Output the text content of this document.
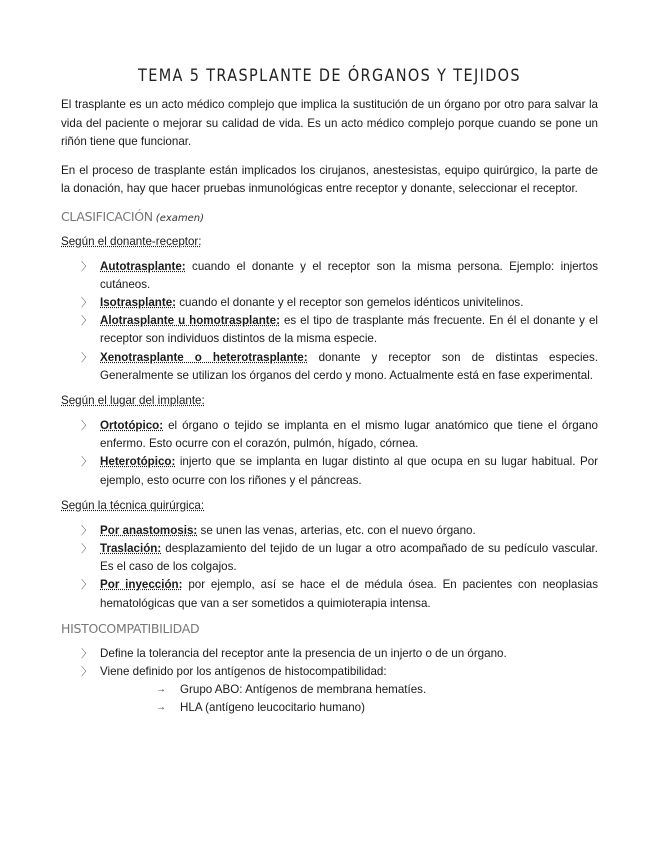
TEMA 5 TRASPLANTE DE ÓRGANOS Y TEJIDOS

El trasplante es un acto médico complejo que implica la sustitución de un órgano por otro para salvar la vida del paciente o mejorar su calidad de vida. Es un acto médico complejo porque cuando se pone un riñón tiene que funcionar.

En el proceso de trasplante están implicados los cirujanos, anestesistas, equipo quirúrgico, la parte de la donación, hay que hacer pruebas inmunológicas entre receptor y donante, seleccionar el receptor.

CLASIFICACIÓN (examen)
Según el donante-receptor:
〉 Autotrasplante: cuando el donante y el receptor son la misma persona. Ejemplo: injertos cutáneos.
〉 Isotrasplante: cuando el donante y el receptor son gemelos idénticos univitelinos.
〉 Alotrasplante u homotrasplante: es el tipo de trasplante más frecuente. En él el donante y el receptor son individuos distintos de la misma especie.
〉 Xenotrasplante o heterotrasplante: donante y receptor son de distintas especies. Generalmente se utilizan los órganos del cerdo y mono. Actualmente está en fase experimental.
Según el lugar del implante:
〉 Ortotópico: el órgano o tejido se implanta en el mismo lugar anatómico que tiene el órgano enfermo. Esto ocurre con el corazón, pulmón, hígado, córnea.
〉 Heterotópico: injerto que se implanta en lugar distinto al que ocupa en su lugar habitual. Por ejemplo, esto ocurre con los riñones y el páncreas.
Según la técnica quirúrgica:
〉 Por anastomosis: se unen las venas, arterias, etc. con el nuevo órgano.
〉 Traslación: desplazamiento del tejido de un lugar a otro acompañado de su pedículo vascular. Es el caso de los colgajos.
〉 Por inyección: por ejemplo, así se hace el de médula ósea. En pacientes con neoplasias hematológicas que van a ser sometidos a quimioterapia intensa.
HISTOCOMPATIBILIDAD
〉 Define la tolerancia del receptor ante la presencia de un injerto o de un órgano.
〉 Viene definido por los antígenos de histocompatibilidad:
→ Grupo ABO: Antígenos de membrana hematíes.
→ HLA (antígeno leucocitario humano)
